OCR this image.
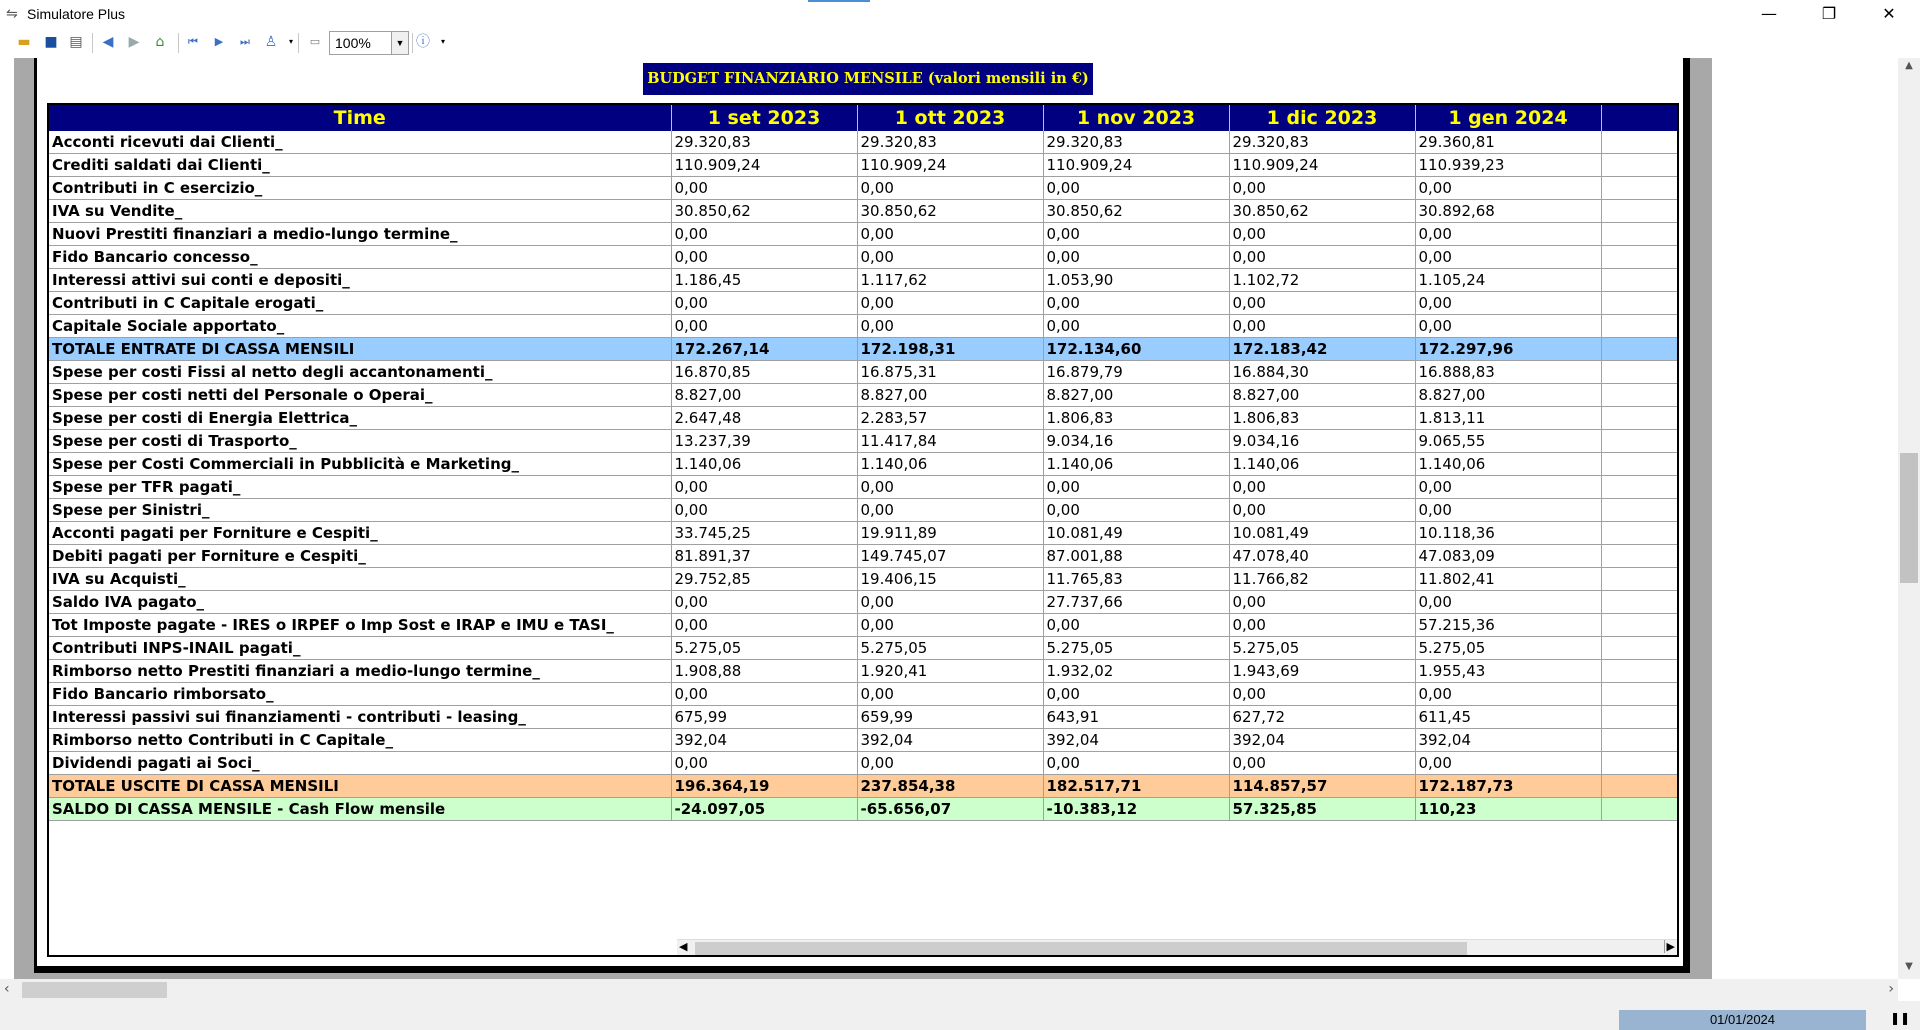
⇋ Simulatore Plus	—	❐	✕
▬ ■ ▤	◀	▶	⌂	⏮	▶	⏭	♙	▾	▭	100%	▼ ⓘ	▾
BUDGET FINANZIARIO MENSILE (valori mensili in €)
Time	1 set 2023	1 ott 2023	1 nov 2023	1 dic 2023	1 gen 2024	
Acconti ricevuti dai Clienti_	29.320,83	29.320,83	29.320,83	29.320,83	29.360,81	
Crediti saldati dai Clienti_	110.909,24	110.909,24	110.909,24	110.909,24	110.939,23	
Contributi in C esercizio_	0,00	0,00	0,00	0,00	0,00	
IVA su Vendite_	30.850,62	30.850,62	30.850,62	30.850,62	30.892,68	
Nuovi Prestiti finanziari a medio-lungo termine_	0,00	0,00	0,00	0,00	0,00	
Fido Bancario concesso_	0,00	0,00	0,00	0,00	0,00	
Interessi attivi sui conti e depositi_	1.186,45	1.117,62	1.053,90	1.102,72	1.105,24	
Contributi in C Capitale erogati_	0,00	0,00	0,00	0,00	0,00	
Capitale Sociale apportato_	0,00	0,00	0,00	0,00	0,00	
TOTALE ENTRATE DI CASSA MENSILI	172.267,14	172.198,31	172.134,60	172.183,42	172.297,96	
Spese per costi Fissi al netto degli accantonamenti_	16.870,85	16.875,31	16.879,79	16.884,30	16.888,83	
Spese per costi netti del Personale o Operai_	8.827,00	8.827,00	8.827,00	8.827,00	8.827,00	
Spese per costi di Energia Elettrica_	2.647,48	2.283,57	1.806,83	1.806,83	1.813,11	
Spese per costi di Trasporto_	13.237,39	11.417,84	9.034,16	9.034,16	9.065,55	
Spese per Costi Commerciali in Pubblicità e Marketing_	1.140,06	1.140,06	1.140,06	1.140,06	1.140,06	
Spese per TFR pagati_	0,00	0,00	0,00	0,00	0,00	
Spese per Sinistri_	0,00	0,00	0,00	0,00	0,00	
Acconti pagati per Forniture e Cespiti_	33.745,25	19.911,89	10.081,49	10.081,49	10.118,36	
Debiti pagati per Forniture e Cespiti_	81.891,37	149.745,07	87.001,88	47.078,40	47.083,09	
IVA su Acquisti_	29.752,85	19.406,15	11.765,83	11.766,82	11.802,41	
Saldo IVA pagato_	0,00	0,00	27.737,66	0,00	0,00	
Tot Imposte pagate - IRES o IRPEF o Imp Sost e IRAP e IMU e TASI_	0,00	0,00	0,00	0,00	57.215,36	
Contributi INPS-INAIL pagati_	5.275,05	5.275,05	5.275,05	5.275,05	5.275,05	
Rimborso netto Prestiti finanziari a medio-lungo termine_	1.908,88	1.920,41	1.932,02	1.943,69	1.955,43	
Fido Bancario rimborsato_	0,00	0,00	0,00	0,00	0,00	
Interessi passivi sui finanziamenti - contributi - leasing_	675,99	659,99	643,91	627,72	611,45	
Rimborso netto Contributi in C Capitale_	392,04	392,04	392,04	392,04	392,04	
Dividendi pagati ai Soci_	0,00	0,00	0,00	0,00	0,00	
TOTALE USCITE DI CASSA MENSILI	196.364,19	237.854,38	182.517,71	114.857,57	172.187,73	
SALDO DI CASSA MENSILE - Cash Flow mensile	-24.097,05	-65.656,07	-10.383,12	57.325,85	110,23	
◀	▶
▲
▼
‹	›
01/01/2024	❚❚
